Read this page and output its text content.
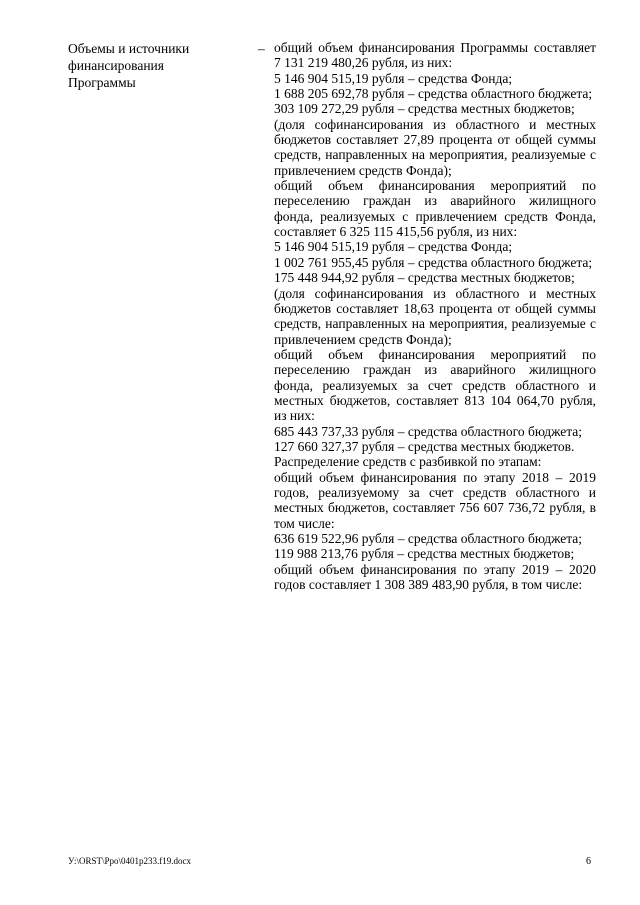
Объемы и источники
финансирования
Программы
– общий объем финансирования Программы составляет 7 131 219 480,26 рубля, из них:

5 146 904 515,19 рубля – средства Фонда;

1 688 205 692,78 рубля – средства областного бюджета;

303 109 272,29 рубля – средства местных бюджетов;

(доля софинансирования из областного и местных бюджетов составляет 27,89 процента от общей суммы средств, направленных на мероприятия, реализуемые с привлечением средств Фонда);

общий объем финансирования мероприятий по переселению граждан из аварийного жилищного фонда, реализуемых с привлечением средств Фонда, составляет 6 325 115 415,56 рубля, из них:

5 146 904 515,19 рубля – средства Фонда;

1 002 761 955,45 рубля – средства областного бюджета;

175 448 944,92 рубля – средства местных бюджетов;

(доля софинансирования из областного и местных бюджетов составляет 18,63 процента от общей суммы средств, направленных на мероприятия, реализуемые с привлечением средств Фонда);

общий объем финансирования мероприятий по переселению граждан из аварийного жилищного фонда, реализуемых за счет средств областного и местных бюджетов, составляет 813 104 064,70 рубля, из них:

685 443 737,33 рубля – средства областного бюджета;

127 660 327,37 рубля – средства местных бюджетов.

Распределение средств с разбивкой по этапам:

общий объем финансирования по этапу 2018 – 2019 годов, реализуемому за счет средств областного и местных бюджетов, составляет 756 607 736,72 рубля, в том числе:

636 619 522,96 рубля – средства областного бюджета;

119 988 213,76 рубля – средства местных бюджетов;

общий объем финансирования по этапу 2019 – 2020 годов составляет 1 308 389 483,90 рубля, в том числе:

У:\ORST\Ppo\0401p233.f19.docx	6
